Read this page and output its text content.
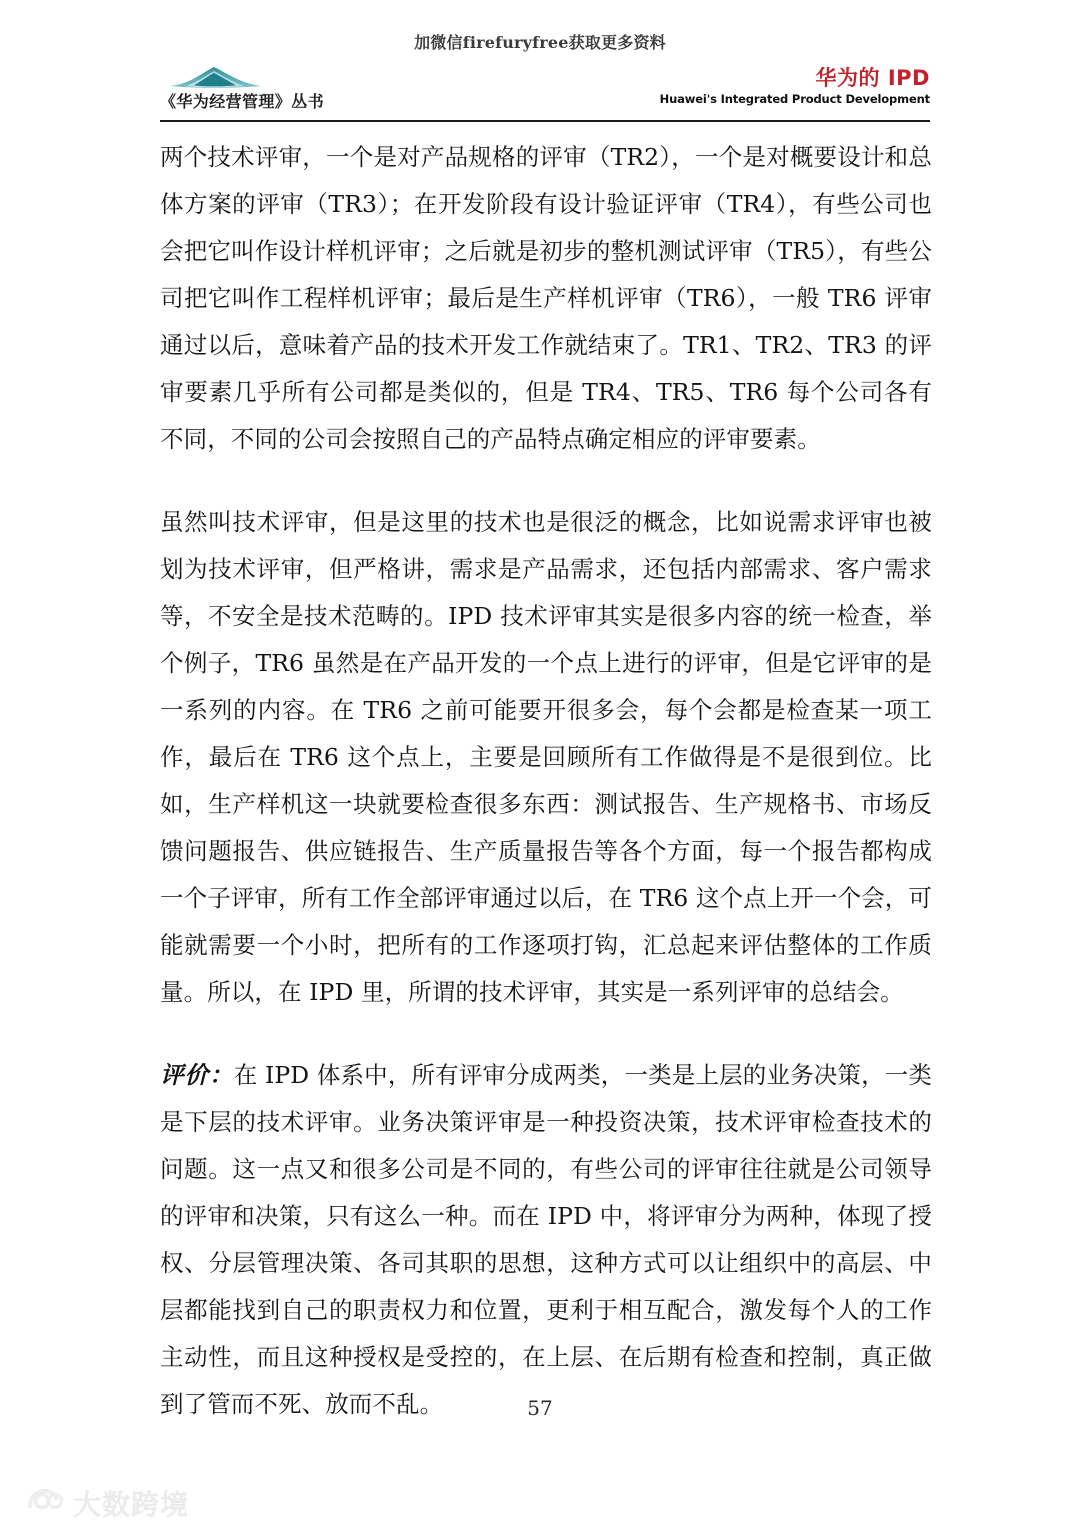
加微信firefuryfree获取更多资料
《华为经营管理》丛书
华为的 IPD
Huawei's Integrated Product Development

两个技术评审，一个是对产品规格的评审（TR2），一个是对概要设计和总体方案的评审（TR3）；在开发阶段有设计验证评审（TR4），有些公司也会把它叫作设计样机评审；之后就是初步的整机测试评审（TR5），有些公司把它叫作工程样机评审；最后是生产样机评审（TR6），一般 TR6 评审通过以后，意味着产品的技术开发工作就结束了。TR1、TR2、TR3 的评审要素几乎所有公司都是类似的，但是 TR4、TR5、TR6 每个公司各有不同，不同的公司会按照自己的产品特点确定相应的评审要素。

虽然叫技术评审，但是这里的技术也是很泛的概念，比如说需求评审也被划为技术评审，但严格讲，需求是产品需求，还包括内部需求、客户需求等，不安全是技术范畴的。IPD 技术评审其实是很多内容的统一检查，举个例子，TR6 虽然是在产品开发的一个点上进行的评审，但是它评审的是一系列的内容。在 TR6 之前可能要开很多会，每个会都是检查某一项工作，最后在 TR6 这个点上，主要是回顾所有工作做得是不是很到位。比如，生产样机这一块就要检查很多东西：测试报告、生产规格书、市场反馈问题报告、供应链报告、生产质量报告等各个方面，每一个报告都构成一个子评审，所有工作全部评审通过以后，在 TR6 这个点上开一个会，可能就需要一个小时，把所有的工作逐项打钩，汇总起来评估整体的工作质量。所以，在 IPD 里，所谓的技术评审，其实是一系列评审的总结会。

评价：在 IPD 体系中，所有评审分成两类，一类是上层的业务决策，一类是下层的技术评审。业务决策评审是一种投资决策，技术评审检查技术的问题。这一点又和很多公司是不同的，有些公司的评审往往就是公司领导的评审和决策，只有这么一种。而在 IPD 中，将评审分为两种，体现了授权、分层管理决策、各司其职的思想，这种方式可以让组织中的高层、中层都能找到自己的职责权力和位置，更利于相互配合，激发每个人的工作主动性，而且这种授权是受控的，在上层、在后期有检查和控制，真正做到了管而不死、放而不乱。	57
大数跨境
